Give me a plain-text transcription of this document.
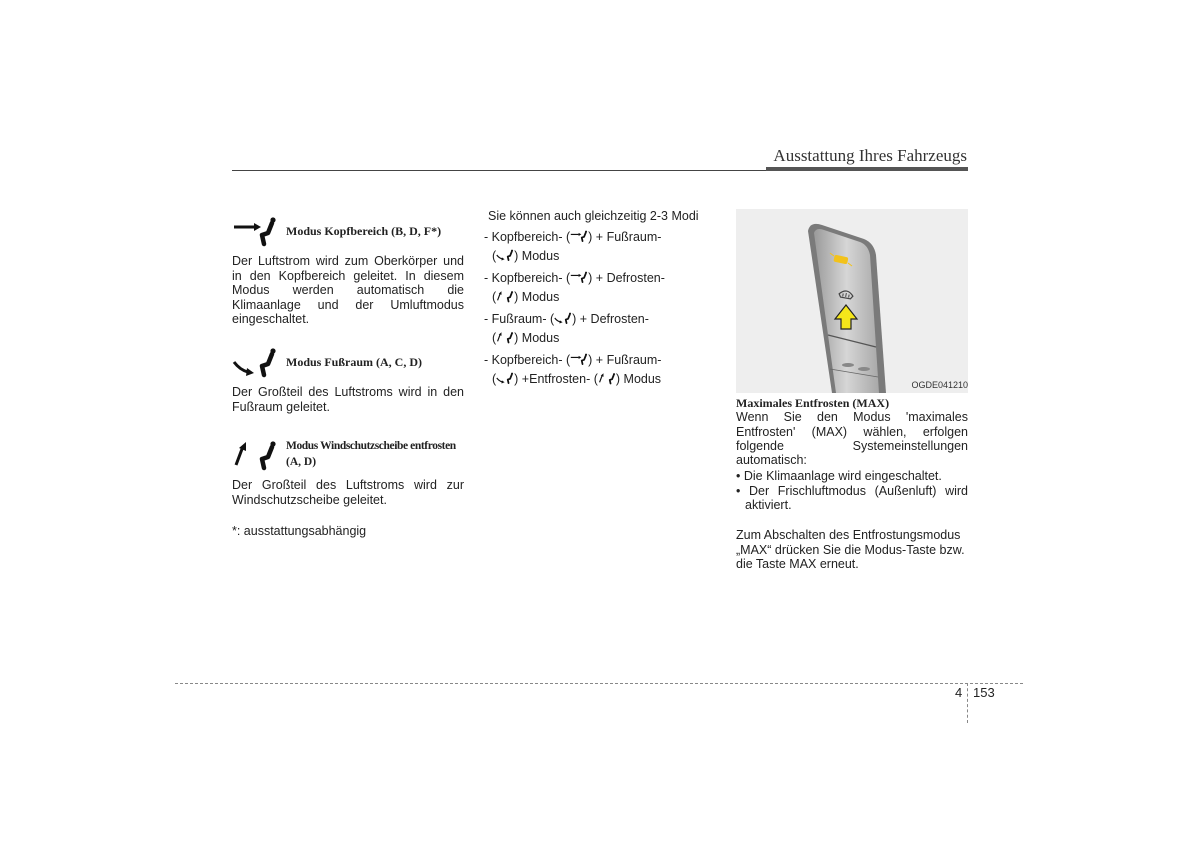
Ausstattung Ihres Fahrzeugs
Modus Kopfbereich (B, D, F*)
Der Luftstrom wird zum Oberkörper und in den Kopfbereich geleitet. In diesem Modus werden automatisch die Klimaanlage und der Umluftmodus eingeschaltet.
Modus Fußraum (A, C, D)
Der Großteil des Luftstroms wird in den Fußraum geleitet.
Modus Windschutzscheibe entfrosten
(A, D)
Der Großteil des Luftstroms wird zur Windschutzscheibe geleitet.
*: ausstattungsabhängig
Sie können auch gleichzeitig 2-3 Modi
- Kopfbereich- ( ) + Fußraum-
( ) Modus
- Kopfbereich- ( ) + Defrosten-
( ) Modus
- Fußraum- ( ) + Defrosten-
( ) Modus
- Kopfbereich- ( ) + Fußraum-
( ) +Entfrosten- ( ) Modus	OGDE041210
Maximales Entfrosten (MAX)
Wenn Sie den Modus 'maximales Entfrosten' (MAX) wählen, erfolgen folgende Systemeinstellungen automatisch:
• Die Klimaanlage wird eingeschaltet.
• Der Frischluftmodus (Außenluft) wird aktiviert.
Zum Abschalten des Entfrostungsmodus „MAX“ drücken Sie die Modus-Taste bzw. die Taste MAX erneut.
4 153
